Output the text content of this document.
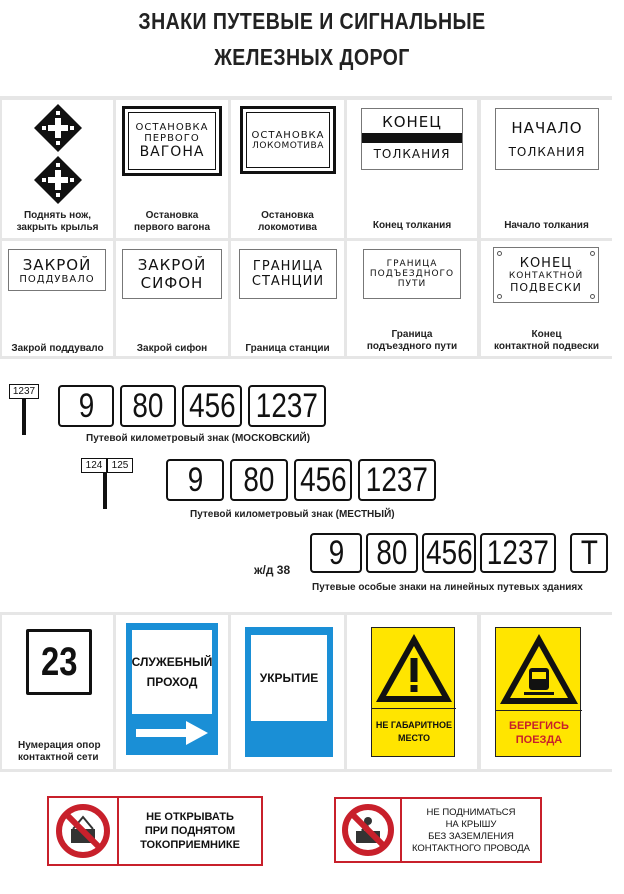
ЗНАКИ ПУТЕВЫЕ И СИГНАЛЬНЫЕ
ЖЕЛЕЗНЫХ ДОРОГ
Поднять нож,
закрыть крылья
ОСТАНОВКА
ПЕРВОГО
ВАГОНА
Остановка
первого вагона
ОСТАНОВКА
ЛОКОМОТИВА
Остановка
локомотива
КОНЕЦ
ТОЛКАНИЯ
Конец толкания
НАЧАЛО
ТОЛКАНИЯ
Начало толкания
ЗАКРОЙ
ПОДДУВАЛО
Закрой поддувало
ЗАКРОЙ
СИФОН
Закрой сифон
ГРАНИЦА
СТАНЦИИ
Граница станции
ГРАНИЦА
ПОДЪЕЗДНОГО
ПУТИ
Граница
подъездного пути
КОНЕЦ
КОНТАКТНОЙ
ПОДВЕСКИ
Конец
контактной подвески
1237 9 80 456 1237
Путевой километровый знак (МОСКОВСКИЙ)
124 125 9 80 456 1237
Путевой километровый знак (МЕСТНЫЙ)
ж/д 38 9 80 456 1237 Т
Путевые особые знаки на линейных путевых зданиях
23
Нумерация опор
контактной сети
СЛУЖЕБНЫЙ
ПРОХОД	УКРЫТИЕ
НЕ ГАБАРИТНОЕ
МЕСТО
БЕРЕГИСЬ
ПОЕЗДА
НЕ ОТКРЫВАТЬ
ПРИ ПОДНЯТОМ
ТОКОПРИЕМНИКЕ
НЕ ПОДНИМАТЬСЯ
НА КРЫШУ
БЕЗ ЗАЗЕМЛЕНИЯ
КОНТАКТНОГО ПРОВОДА
